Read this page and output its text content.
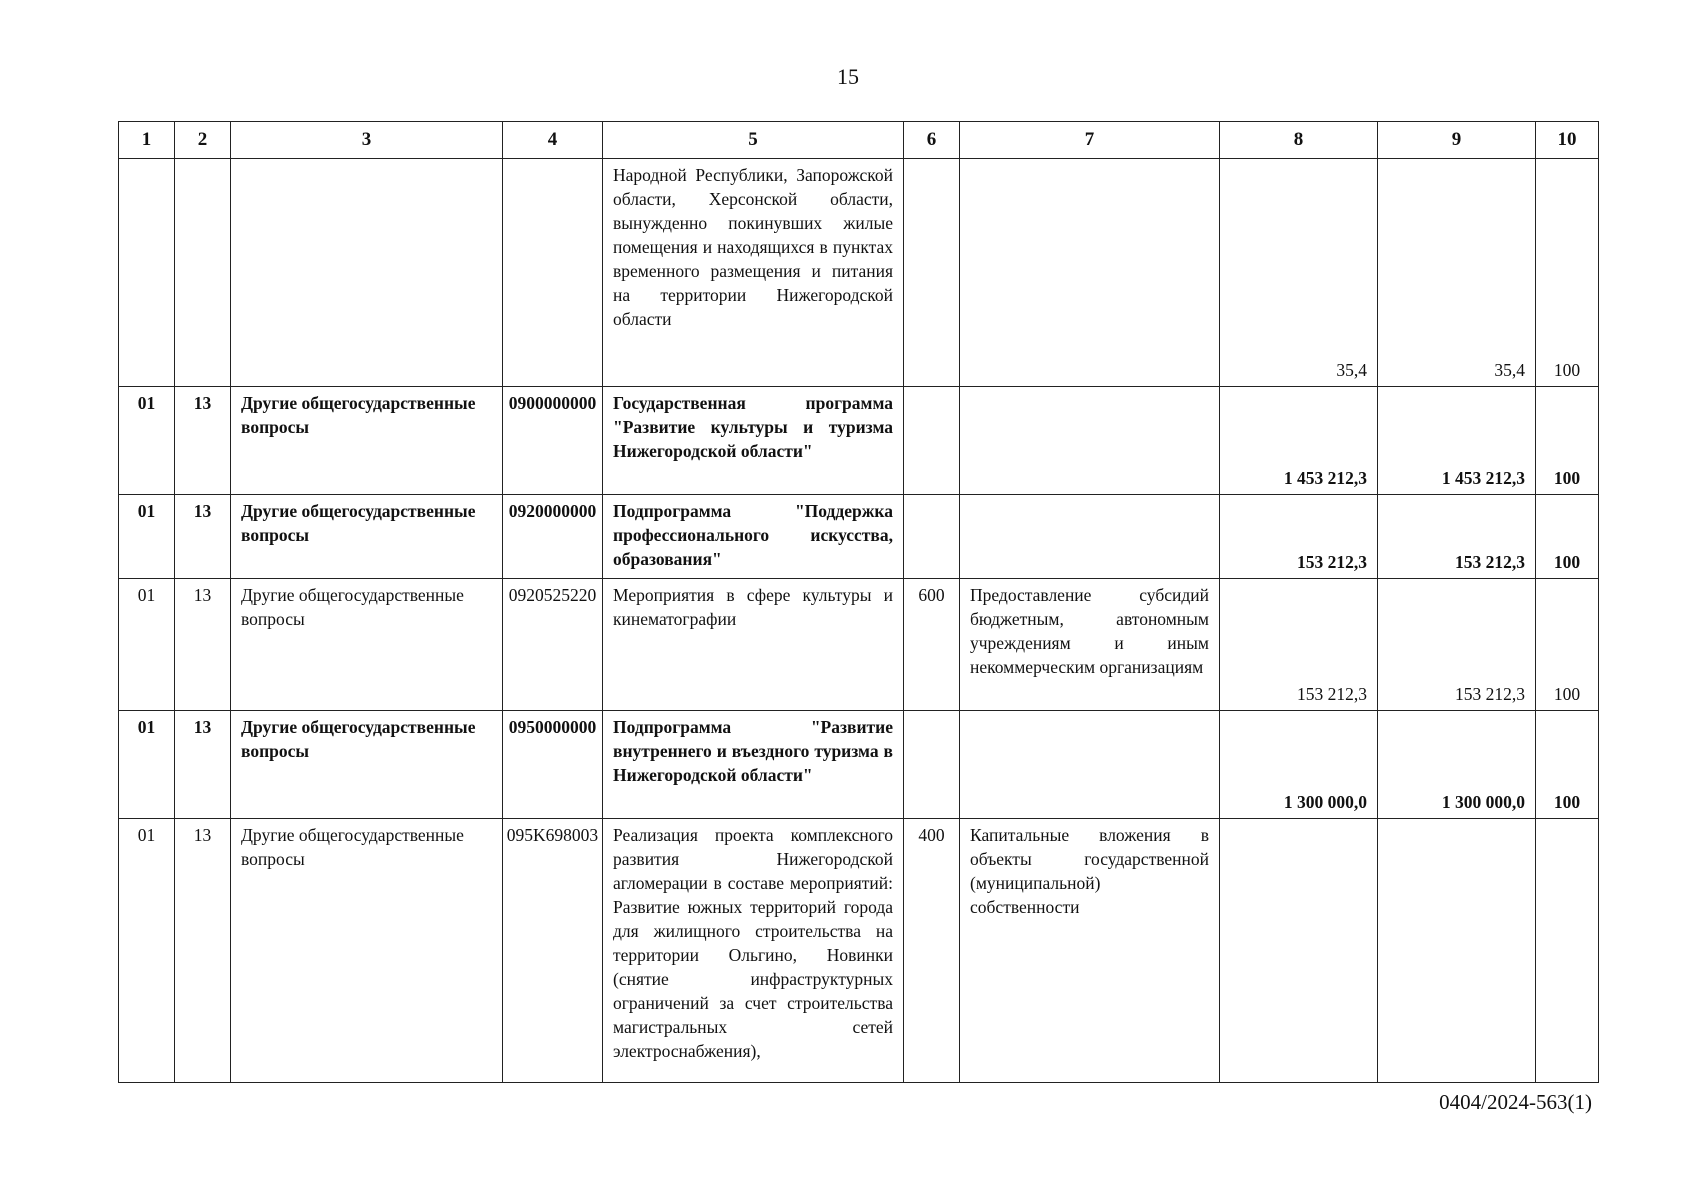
15
1	2	3	4	5	6	7	8	9	10
				Народной Республики, Запорожской области, Херсонской области, вынужденно покинувших жилые помещения и находящихся в пунктах временного размещения и питания на территории Нижегородской области			35,4	35,4	100
01	13	Другие общегосударственные вопросы	0900000000	Государственная программа "Развитие культуры и туризма Нижегородской области"			1 453 212,3	1 453 212,3	100
01	13	Другие общегосударственные вопросы	0920000000	Подпрограмма "Поддержка профессионального искусства, образования"			153 212,3	153 212,3	100
01	13	Другие общегосударственные вопросы	0920525220	Мероприятия в сфере культуры и кинематографии	600	Предоставление субсидий бюджетным, автономным учреждениям и иным некоммерческим организациям	153 212,3	153 212,3	100
01	13	Другие общегосударственные вопросы	0950000000	Подпрограмма "Развитие внутреннего и въездного туризма в Нижегородской области"			1 300 000,0	1 300 000,0	100
01	13	Другие общегосударственные вопросы	095K698003	Реализация проекта комплексного развития Нижегородской агломерации в составе мероприятий: Развитие южных территорий города для жилищного строительства на территории Ольгино, Новинки (снятие инфраструктурных ограничений за счет строительства магистральных сетей электроснабжения),	400	Капитальные вложения в объекты государственной (муниципальной) собственности			
0404/2024-563(1)
